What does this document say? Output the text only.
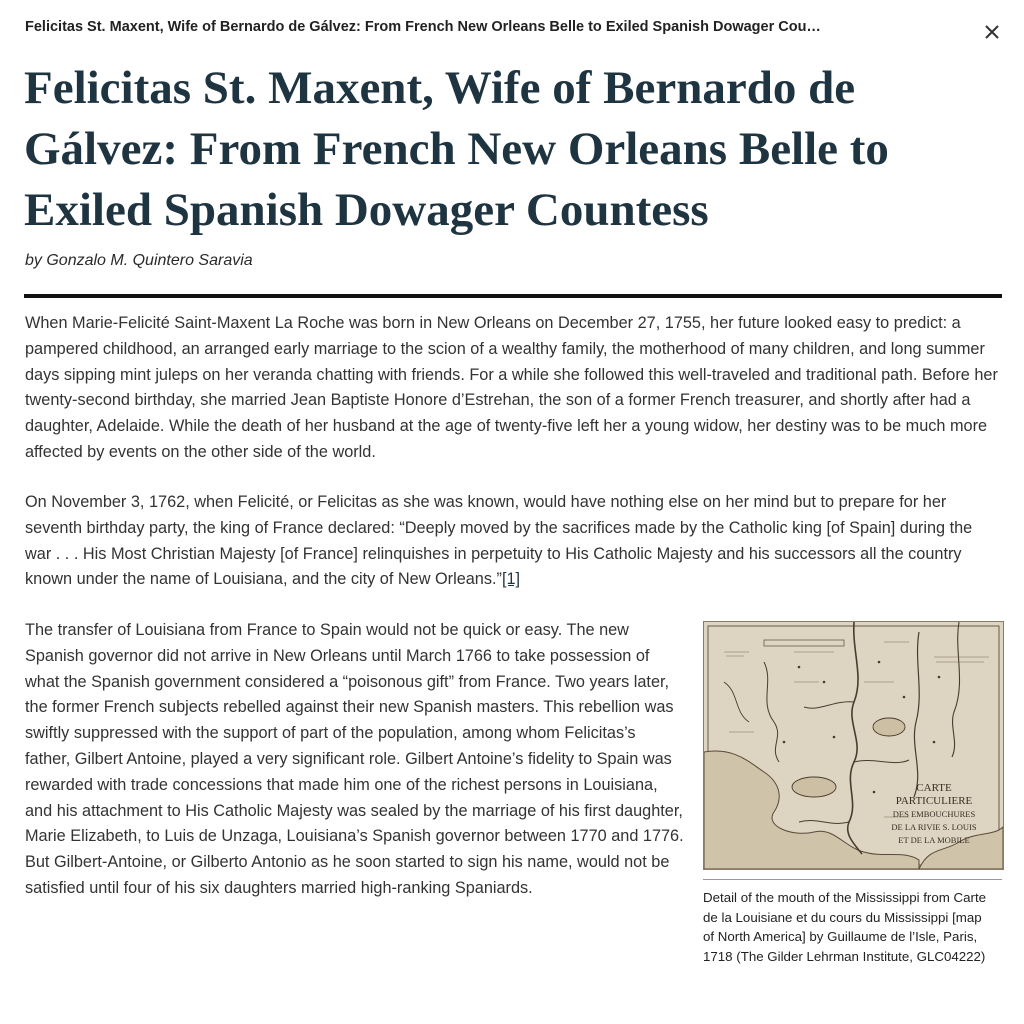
Felicitas St. Maxent, Wife of Bernardo de Gálvez: From French New Orleans Belle to Exiled Spanish Dowager Cou…
Felicitas St. Maxent, Wife of Bernardo de Gálvez: From French New Orleans Belle to Exiled Spanish Dowager Countess
by Gonzalo M. Quintero Saravia

When Marie-Felicité Saint-Maxent La Roche was born in New Orleans on December 27, 1755, her future looked easy to predict: a pampered childhood, an arranged early marriage to the scion of a wealthy family, the motherhood of many children, and long summer days sipping mint juleps on her veranda chatting with friends. For a while she followed this well-traveled and traditional path. Before her twenty-second birthday, she married Jean Baptiste Honore d’Estrehan, the son of a former French treasurer, and shortly after had a daughter, Adelaide. While the death of her husband at the age of twenty-five left her a young widow, her destiny was to be much more affected by events on the other side of the world.

On November 3, 1762, when Felicité, or Felicitas as she was known, would have nothing else on her mind but to prepare for her seventh birthday party, the king of France declared: “Deeply moved by the sacrifices made by the Catholic king [of Spain] during the war . . . His Most Christian Majesty [of France] relinquishes in perpetuity to His Catholic Majesty and his successors all the country known under the name of Louisiana, and the city of New Orleans.”[1]

The transfer of Louisiana from France to Spain would not be quick or easy. The new Spanish governor did not arrive in New Orleans until March 1766 to take possession of what the Spanish government considered a “poisonous gift” from France. Two years later, the former French subjects rebelled against their new Spanish masters. This rebellion was swiftly suppressed with the support of part of the population, among whom Felicitas’s father, Gilbert Antoine, played a very significant role. Gilbert Antoine’s fidelity to Spain was rewarded with trade concessions that made him one of the richest persons in Louisiana, and his attachment to His Catholic Majesty was sealed by the marriage of his first daughter, Marie Elizabeth, to Luis de Unzaga, Louisiana’s Spanish governor between 1770 and 1776. But Gilbert-Antoine, or Gilberto Antonio as he soon started to sign his name, would not be satisfied until four of his six daughters married high-ranking Spaniards.

CARTE
PARTICULIERE
DES EMBOUCHURES
DE LA RIVIE S. LOUIS
ET DE LA MOBILE

Detail of the mouth of the Mississippi from Carte de la Louisiane et du cours du Mississippi [map of North America] by Guillaume de l’Isle, Paris, 1718 (The Gilder Lehrman Institute, GLC04222)
